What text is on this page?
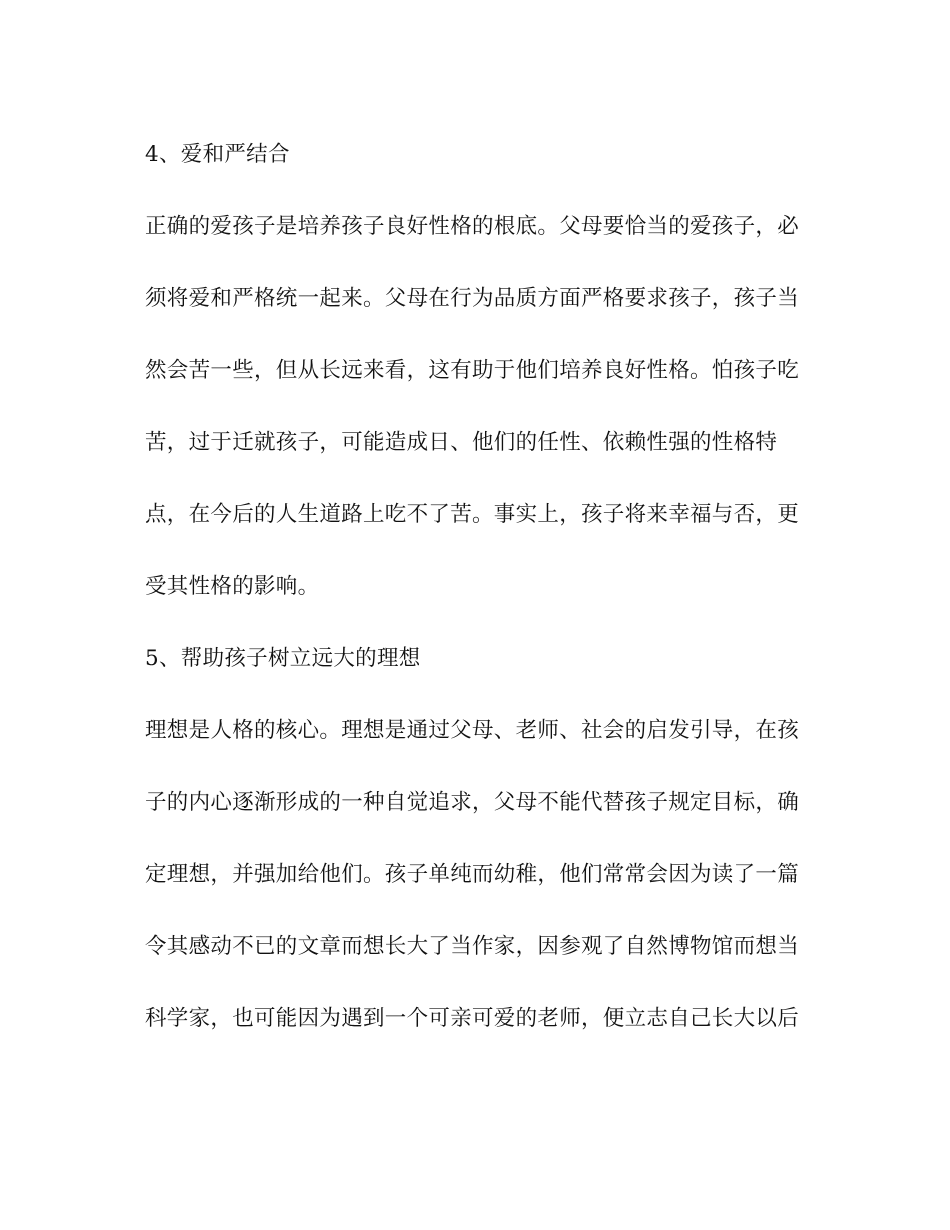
4、爱和严结合
正确的爱孩子是培养孩子良好性格的根底。父母要恰当的爱孩子，必
须将爱和严格统一起来。父母在行为品质方面严格要求孩子，孩子当
然会苦一些，但从长远来看，这有助于他们培养良好性格。怕孩子吃
苦，过于迁就孩子，可能造成日、他们的任性、依赖性强的性格特
点，在今后的人生道路上吃不了苦。事实上，孩子将来幸福与否，更
受其性格的影响。
5、帮助孩子树立远大的理想
理想是人格的核心。理想是通过父母、老师、社会的启发引导，在孩
子的内心逐渐形成的一种自觉追求，父母不能代替孩子规定目标，确
定理想，并强加给他们。孩子单纯而幼稚，他们常常会因为读了一篇
令其感动不已的文章而想长大了当作家，因参观了自然博物馆而想当
科学家，也可能因为遇到一个可亲可爱的老师，便立志自己长大以后
